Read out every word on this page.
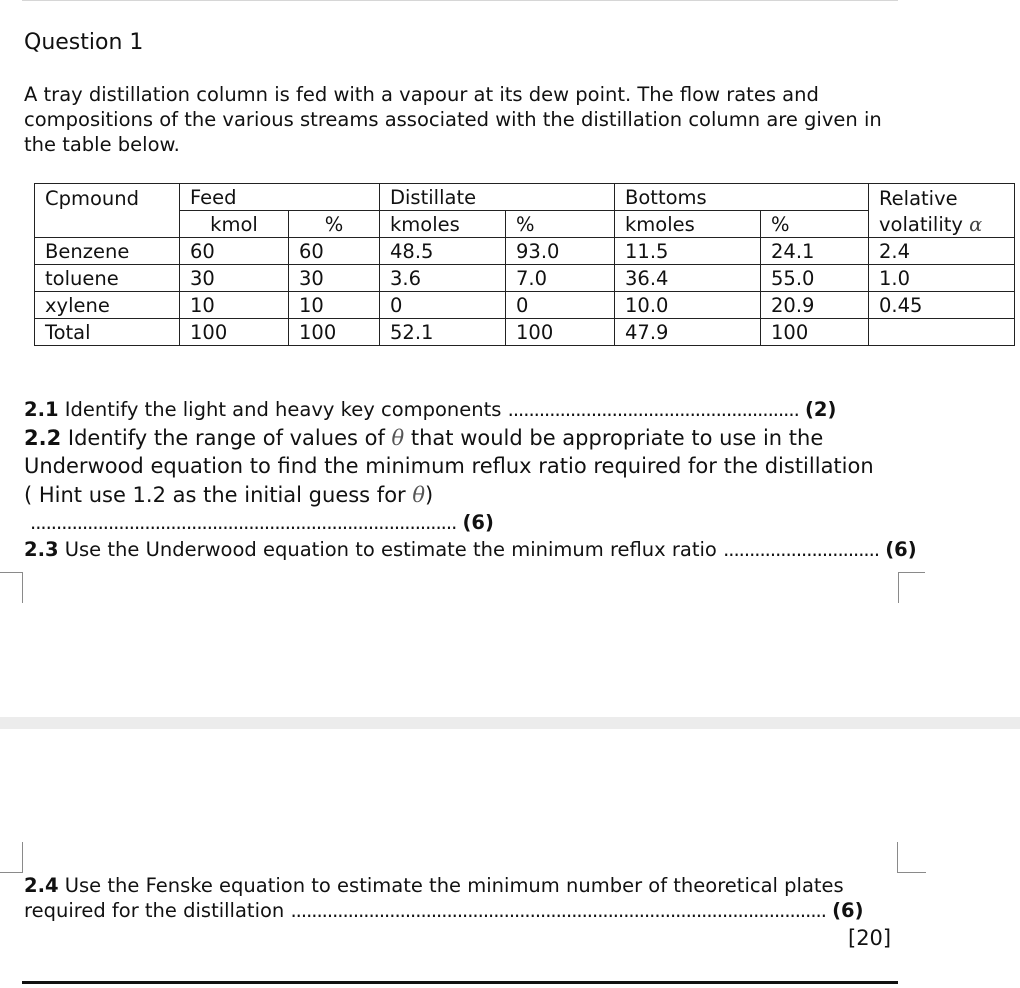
Question 1
A tray distillation column is fed with a vapour at its dew point. The flow rates and compositions of the various streams associated with the distillation column are given in the table below.
Cpmound	Feed		Distillate		Bottoms		Relative
	kmol	%	kmoles	%	kmoles	%	volatility α
Benzene	60	60	48.5	93.0	11.5	24.1	2.4
toluene	30	30	3.6	7.0	36.4	55.0	1.0
xylene	10	10	0	0	10.0	20.9	0.45
Total	100	100	52.1	100	47.9	100	
2.1 Identify the light and heavy key components ........................................................ (2)
2.2 Identify the range of values of θ that would be appropriate to use in the
Underwood equation to find the minimum reflux ratio required for the distillation
( Hint use 1.2 as the initial guess for θ)
.................................................................................. (6)
2.3 Use the Underwood equation to estimate the minimum reflux ratio .............................. (6)
2.4 Use the Fenske equation to estimate the minimum number of theoretical plates
required for the distillation ....................................................................................................... (6)
[20]
